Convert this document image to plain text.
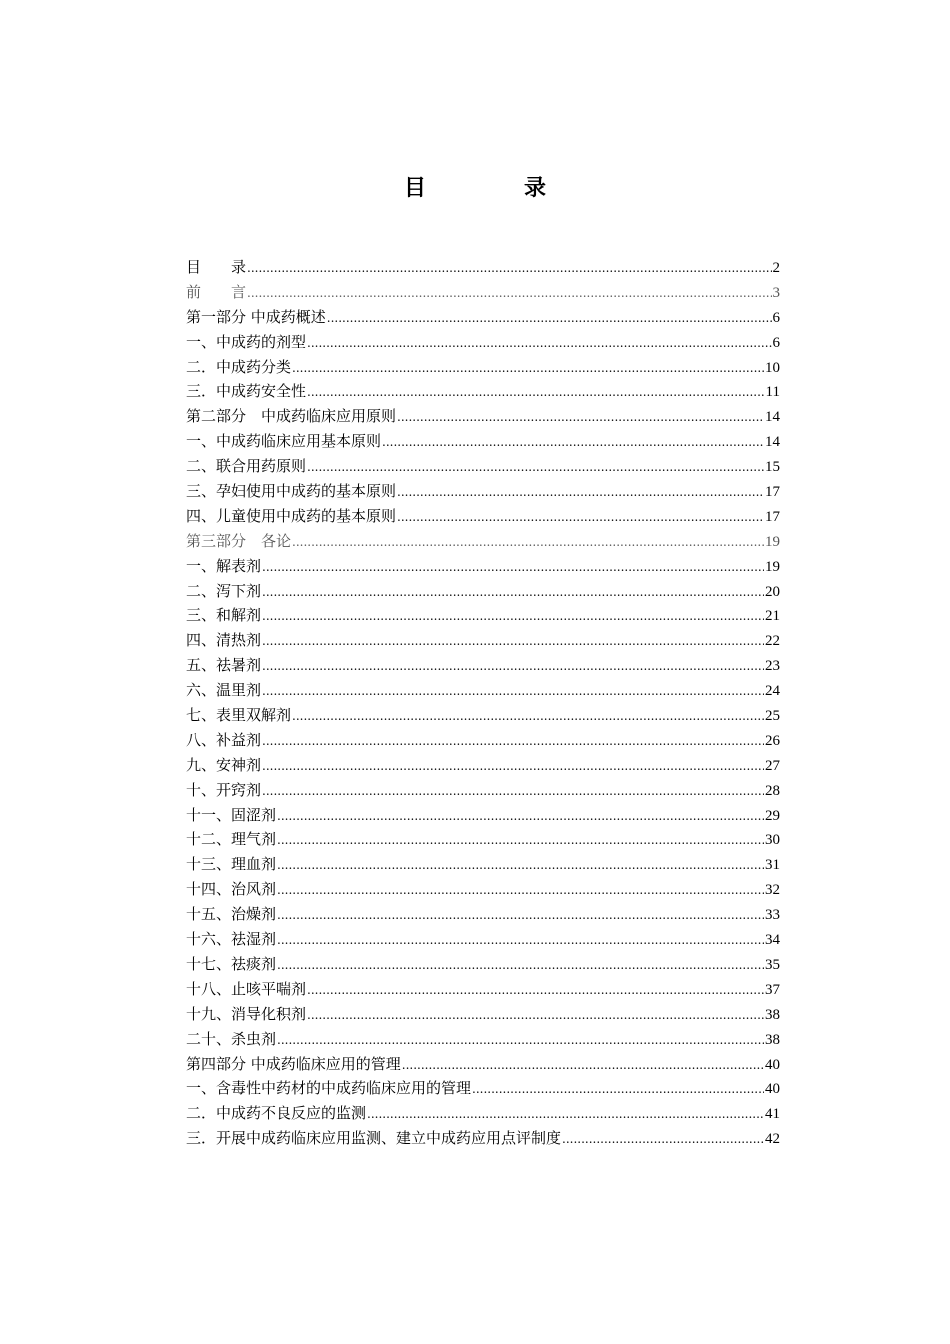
目　录
目　　录 .....	2
前　　言 .....	3
第一部分 中成药概述 .....	6
一、中成药的剂型 .....	6
二．中成药分类 .....	10
三．中成药安全性 .....	11
第二部分　中成药临床应用原则 .....	14
一、中成药临床应用基本原则 .....	14
二、联合用药原则 .....	15
三、孕妇使用中成药的基本原则 .....	17
四、儿童使用中成药的基本原则 .....	17
第三部分　各论 .....	19
一、解表剂 .....	19
二、泻下剂 .....	20
三、和解剂 .....	21
四、清热剂 .....	22
五、祛暑剂 .....	23
六、温里剂 .....	24
七、表里双解剂 .....	25
八、补益剂 .....	26
九、安神剂 .....	27
十、开窍剂 .....	28
十一、固涩剂 .....	29
十二、理气剂 .....	30
十三、理血剂 .....	31
十四、治风剂 .....	32
十五、治燥剂 .....	33
十六、祛湿剂 .....	34
十七、祛痰剂 .....	35
十八、止咳平喘剂 .....	37
十九、消导化积剂 .....	38
二十、杀虫剂 .....	38
第四部分 中成药临床应用的管理 .....	40
一、含毒性中药材的中成药临床应用的管理 .....	40
二．中成药不良反应的监测 .....	41
三．开展中成药临床应用监测、建立中成药应用点评制度 .....	42
